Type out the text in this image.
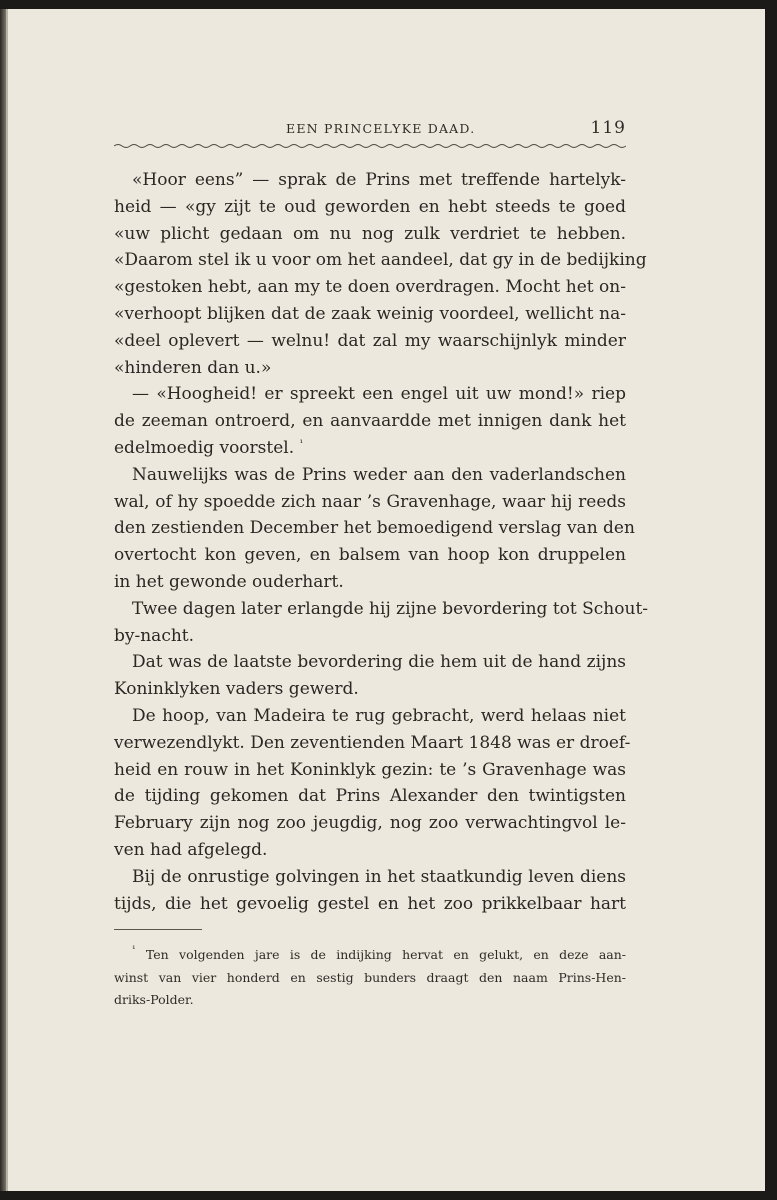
EEN PRINCELYKE DAAD.	119
«Hoor eens” — sprak de Prins met treffende hartelyk-
heid — «gy zijt te oud geworden en hebt steeds te goed
«uw plicht gedaan om nu nog zulk verdriet te hebben.
«Daarom stel ik u voor om het aandeel, dat gy in de bedijking
«gestoken hebt, aan my te doen overdragen. Mocht het on-
«verhoopt blijken dat de zaak weinig voordeel, wellicht na-
«deel oplevert — welnu! dat zal my waarschijnlyk minder
«hinderen dan u.»
— «Hoogheid! er spreekt een engel uit uw mond!» riep
de zeeman ontroerd, en aanvaardde met innigen dank het
edelmoedig voorstel. $^{^1}$
Nauwelijks was de Prins weder aan den vaderlandschen
wal, of hy spoedde zich naar ’s Gravenhage, waar hij reeds
den zestienden December het bemoedigend verslag van den
overtocht kon geven, en balsem van hoop kon druppelen
in het gewonde ouderhart.
Twee dagen later erlangde hij zijne bevordering tot Schout-
by-nacht.
Dat was de laatste bevordering die hem uit de hand zijns
Koninklyken vaders gewerd.
De hoop, van Madeira te rug gebracht, werd helaas niet
verwezendlykt. Den zeventienden Maart 1848 was er droef-
heid en rouw in het Koninklyk gezin: te ’s Gravenhage was
de tijding gekomen dat Prins Alexander den twintigsten
February zijn nog zoo jeugdig, nog zoo verwachtingvol le-
ven had afgelegd.
Bij de onrustige golvingen in het staatkundig leven diens
tijds, die het gevoelig gestel en het zoo prikkelbaar hart
$^{^1}$ Ten volgenden jare is de indijking hervat en gelukt, en deze aan-
winst van vier honderd en sestig bunders draagt den naam Prins-Hen-
driks-Polder.
